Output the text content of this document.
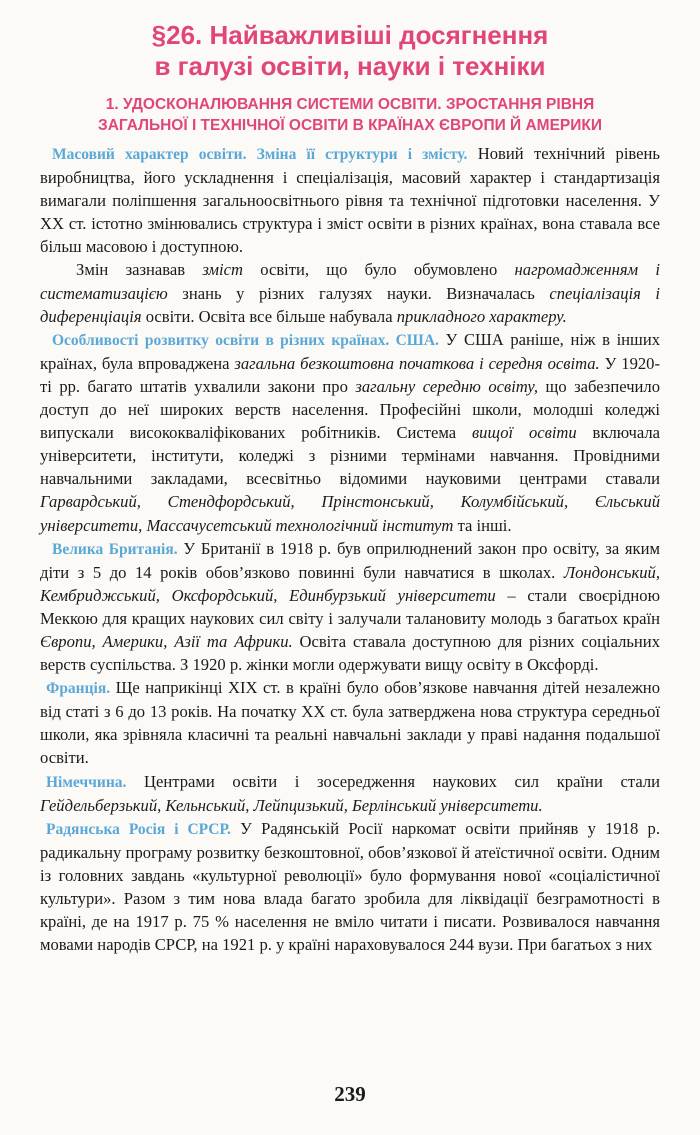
§26. Найважливіші досягнення
в галузі освіти, науки і техніки
1. УДОСКОНАЛЮВАННЯ СИСТЕМИ ОСВІТИ. ЗРОСТАННЯ РІВНЯ
ЗАГАЛЬНОЇ І ТЕХНІЧНОЇ ОСВІТИ В КРАЇНАХ ЄВРОПИ Й АМЕРИКИ

Масовий характер освіти. Зміна її структури і змісту. Новий технічний рівень виробництва, його ускладнення і спеціалізація, масовий характер і стандартизація вимагали поліпшення загальноосвітнього рівня та технічної підготовки населення. У ХХ ст. істотно змінювались структура і зміст освіти в різних країнах, вона ставала все більш масовою і доступною.

Змін зазнавав зміст освіти, що було обумовлено нагромадженням і систематизацією знань у різних галузях науки. Визначалась спеціалізація і диференціація освіти. Освіта все більше набувала прикладного характеру.

Особливості розвитку освіти в різних країнах. США. У США раніше, ніж в інших країнах, була впроваджена загальна безкоштовна початкова і середня освіта. У 1920-ті рр. багато штатів ухвалили закони про загальну середню освіту, що забезпечило доступ до неї широких верств населення. Професійні школи, молодші коледжі випускали висококваліфікованих робітників. Система вищої освіти включала університети, інститути, коледжі з різними термінами навчання. Провідними навчальними закладами, всесвітньо відомими науковими центрами ставали Гарвардський, Стендфордський, Прінстонський, Колумбійський, Єльський університети, Массачусетський технологічний інститут та інші.

Велика Британія. У Британії в 1918 р. був оприлюднений закон про освіту, за яким діти з 5 до 14 років обов’язково повинні були навчатися в школах. Лондонський, Кембриджський, Оксфордський, Единбурзький університети – стали своєрідною Меккою для кращих наукових сил світу і залучали талановиту молодь з багатьох країн Європи, Америки, Азії та Африки. Освіта ставала доступною для різних соціальних верств суспільства. З 1920 р. жінки могли одержувати вищу освіту в Оксфорді.

Франція. Ще наприкінці ХІХ ст. в країні було обов’язкове навчання дітей незалежно від статі з 6 до 13 років. На початку ХХ ст. була затверджена нова структура середньої школи, яка зрівняла класичні та реальні навчальні заклади у праві надання подальшої освіти.

Німеччина. Центрами освіти і зосередження наукових сил країни стали Гейдельберзький, Кельнський, Лейпцизький, Берлінський університети.

Радянська Росія і СРСР. У Радянській Росії наркомат освіти прийняв у 1918 р. радикальну програму розвитку безкоштовної, обов’язкової й атеїстичної освіти. Одним із головних завдань «культурної революції» було формування нової «соціалістичної культури». Разом з тим нова влада багато зробила для ліквідації безграмотності в країні, де на 1917 р. 75 % населення не вміло читати і писати. Розвивалося навчання мовами народів СРСР, на 1921 р. у країні нараховувалося 244 вузи. При багатьох з них

239
